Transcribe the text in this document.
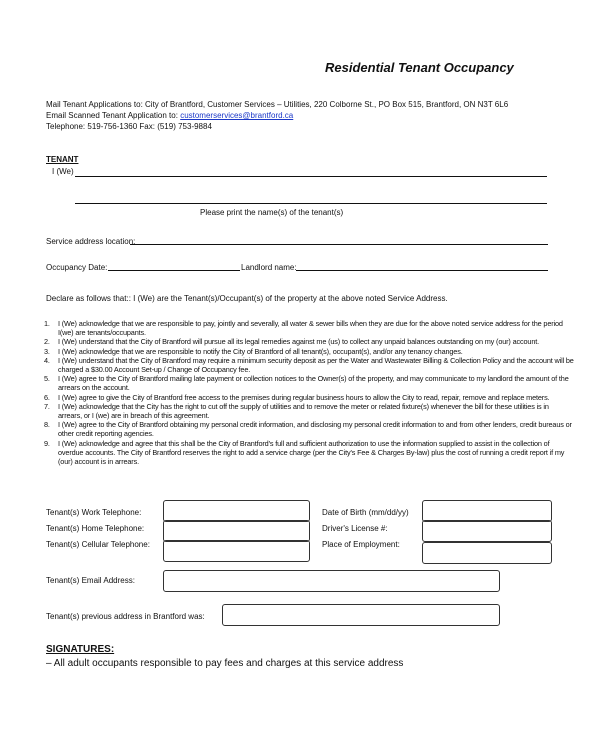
Residential Tenant Occupancy
Mail Tenant Applications to: City of Brantford, Customer Services – Utilities, 220 Colborne St., PO Box 515, Brantford, ON N3T 6L6
Email Scanned Tenant Application to: customerservices@brantford.ca
Telephone: 519-756-1360 Fax: (519) 753-9884
TENANT
I (We)
Please print the name(s) of the tenant(s)
Service address location:
Occupancy Date:	Landlord name:
Declare as follows that:: I (We) are the Tenant(s)/Occupant(s) of the property at the above noted Service Address.
1. I (We) acknowledge that we are responsible to pay, jointly and severally, all water & sewer bills when they are due for the above noted service address for the period I(we) are tenants/occupants.
2. I (We) understand that the City of Brantford will pursue all its legal remedies against me (us) to collect any unpaid balances outstanding on my (our) account.
3. I (We) acknowledge that we are responsible to notify the City of Brantford of all tenant(s), occupant(s), and/or any tenancy changes.
4. I (We) understand that the City of Brantford may require a minimum security deposit as per the Water and Wastewater Billing & Collection Policy and the account will be charged a $30.00 Account Set-up / Change of Occupancy fee.
5. I (We) agree to the City of Brantford mailing late payment or collection notices to the Owner(s) of the property, and may communicate to my landlord the amount of the arrears on the account.
6. I (We) agree to give the City of Brantford free access to the premises during regular business hours to allow the City to read, repair, remove and replace meters.
7. I (We) acknowledge that the City has the right to cut off the supply of utilities and to remove the meter or related fixture(s) whenever the bill for these utilities is in arrears, or I (we) are in breach of this agreement.
8. I (We) agree to the City of Brantford obtaining my personal credit information, and disclosing my personal credit information to and from other lenders, credit bureaus or other credit reporting agencies.
9. I (We) acknowledge and agree that this shall be the City of Brantford's full and sufficient authorization to use the information supplied to assist in the collection of overdue accounts. The City of Brantford reserves the right to add a service charge (per the City's Fee & Charges By-law) plus the cost of running a credit report if my (our) account is in arrears.
Tenant(s) Work Telephone:
Tenant(s) Home Telephone:
Tenant(s) Cellular Telephone:
Date of Birth (mm/dd/yy)
Driver's License #:
Place of Employment:
Tenant(s) Email Address:
Tenant(s) previous address in Brantford was:
SIGNATURES:
– All adult occupants responsible to pay fees and charges at this service address
